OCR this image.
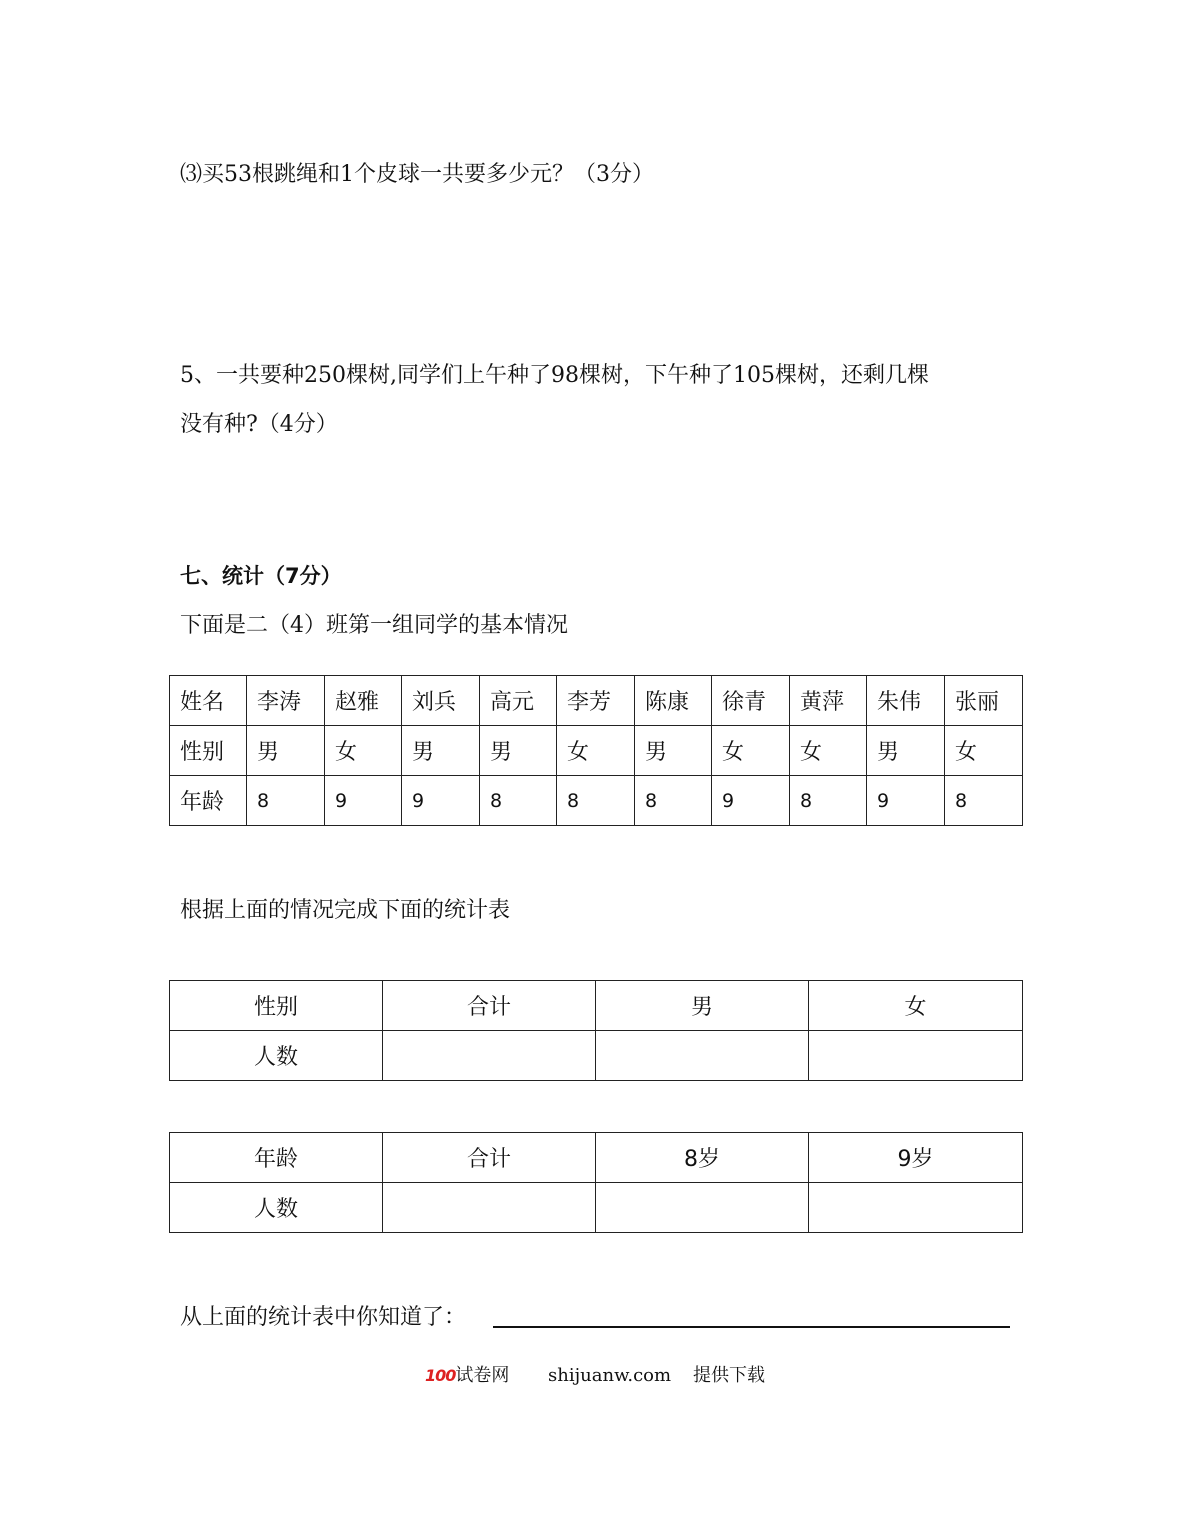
⑶买53根跳绳和1个皮球一共要多少元？（3分）
5、一共要种250棵树,同学们上午种了98棵树，下午种了105棵树，还剩几棵
没有种?（4分）
七、统计（7分）
下面是二（4）班第一组同学的基本情况
姓名	李涛	赵雅	刘兵	高元	李芳	陈康	徐青	黄萍	朱伟	张丽
性别	男	女	男	男	女	男	女	女	男	女
年龄	8	9	9	8	8	8	9	8	9	8
根据上面的情况完成下面的统计表
性别	合计	男	女
人数			
年龄	合计	8岁	9岁
人数			
从上面的统计表中你知道了：
100试卷网 shijuanw.com 提供下载
